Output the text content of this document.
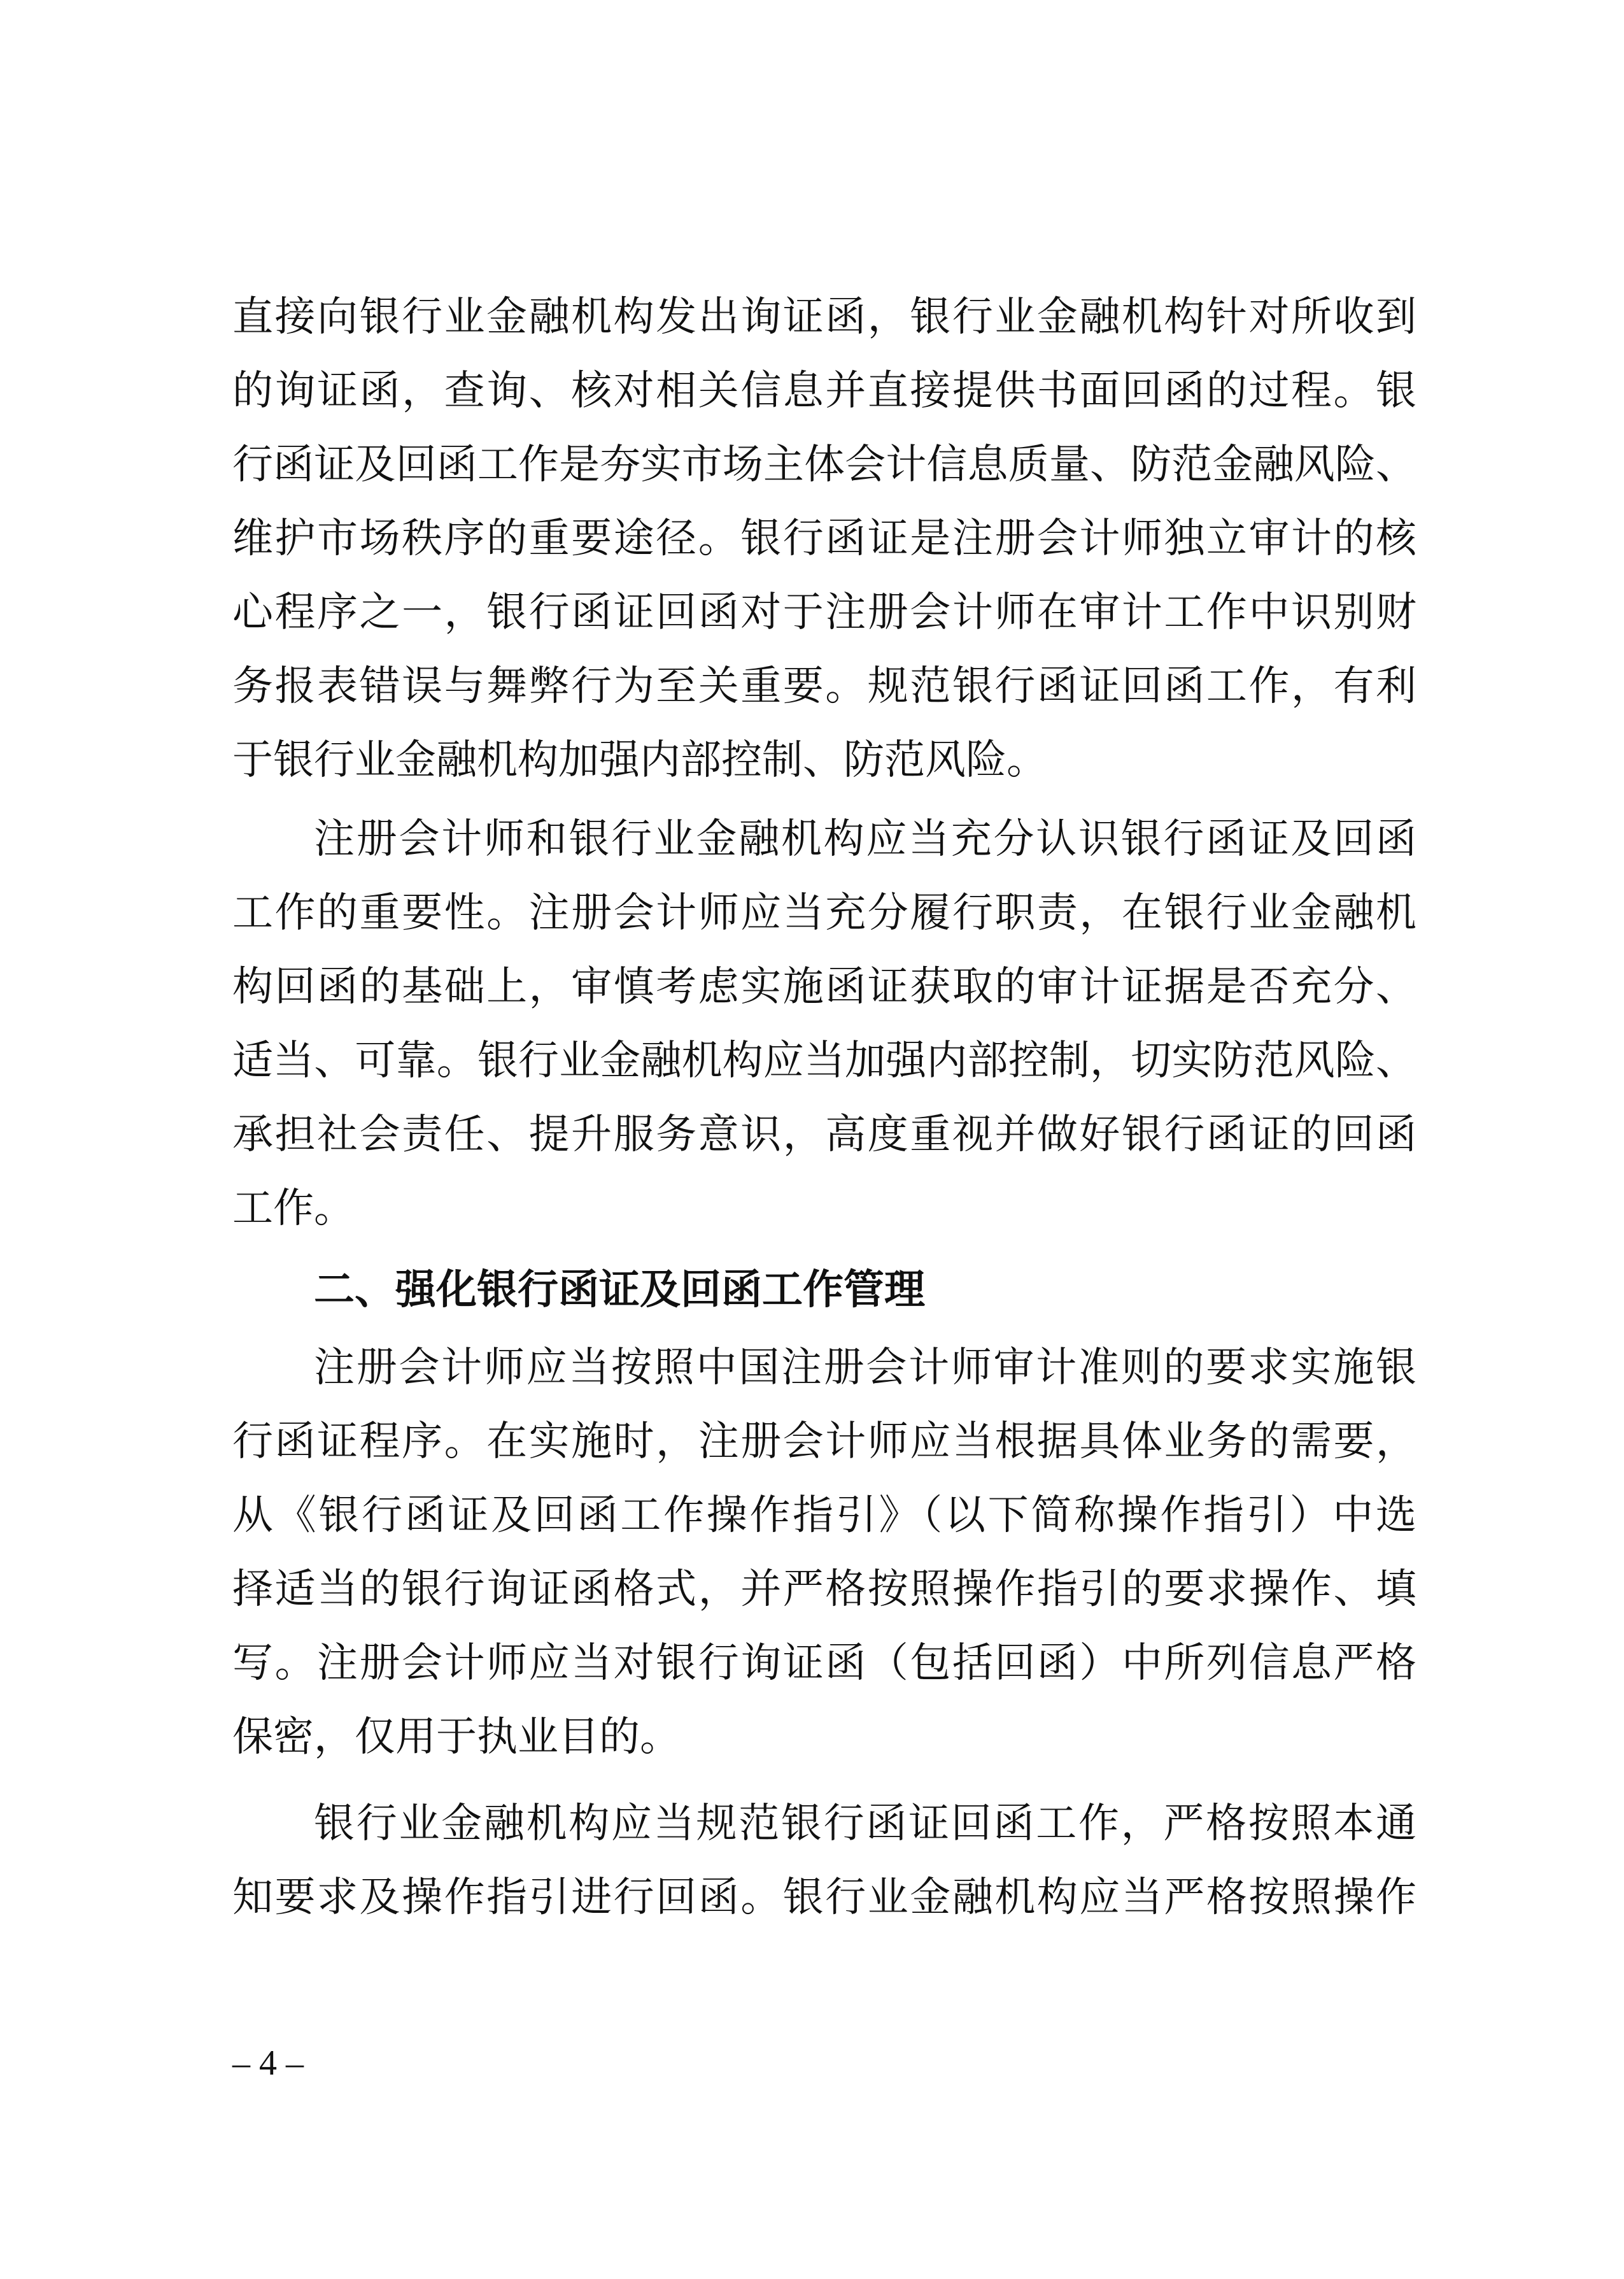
直接向银行业金融机构发出询证函，银行业金融机构针对所收到
的询证函，查询、核对相关信息并直接提供书面回函的过程。银
行函证及回函工作是夯实市场主体会计信息质量、防范金融风险、
维护市场秩序的重要途径。银行函证是注册会计师独立审计的核
心程序之一，银行函证回函对于注册会计师在审计工作中识别财
务报表错误与舞弊行为至关重要。规范银行函证回函工作，有利
于银行业金融机构加强内部控制、防范风险。
注册会计师和银行业金融机构应当充分认识银行函证及回函
工作的重要性。注册会计师应当充分履行职责，在银行业金融机
构回函的基础上，审慎考虑实施函证获取的审计证据是否充分、
适当、可靠。银行业金融机构应当加强内部控制，切实防范风险、
承担社会责任、提升服务意识，高度重视并做好银行函证的回函
工作。
二、强化银行函证及回函工作管理
注册会计师应当按照中国注册会计师审计准则的要求实施银
行函证程序。在实施时，注册会计师应当根据具体业务的需要，
从《银行函证及回函工作操作指引》（以下简称操作指引）中选
择适当的银行询证函格式，并严格按照操作指引的要求操作、填
写。注册会计师应当对银行询证函（包括回函）中所列信息严格
保密，仅用于执业目的。
银行业金融机构应当规范银行函证回函工作，严格按照本通
知要求及操作指引进行回函。银行业金融机构应当严格按照操作
– 4 –
